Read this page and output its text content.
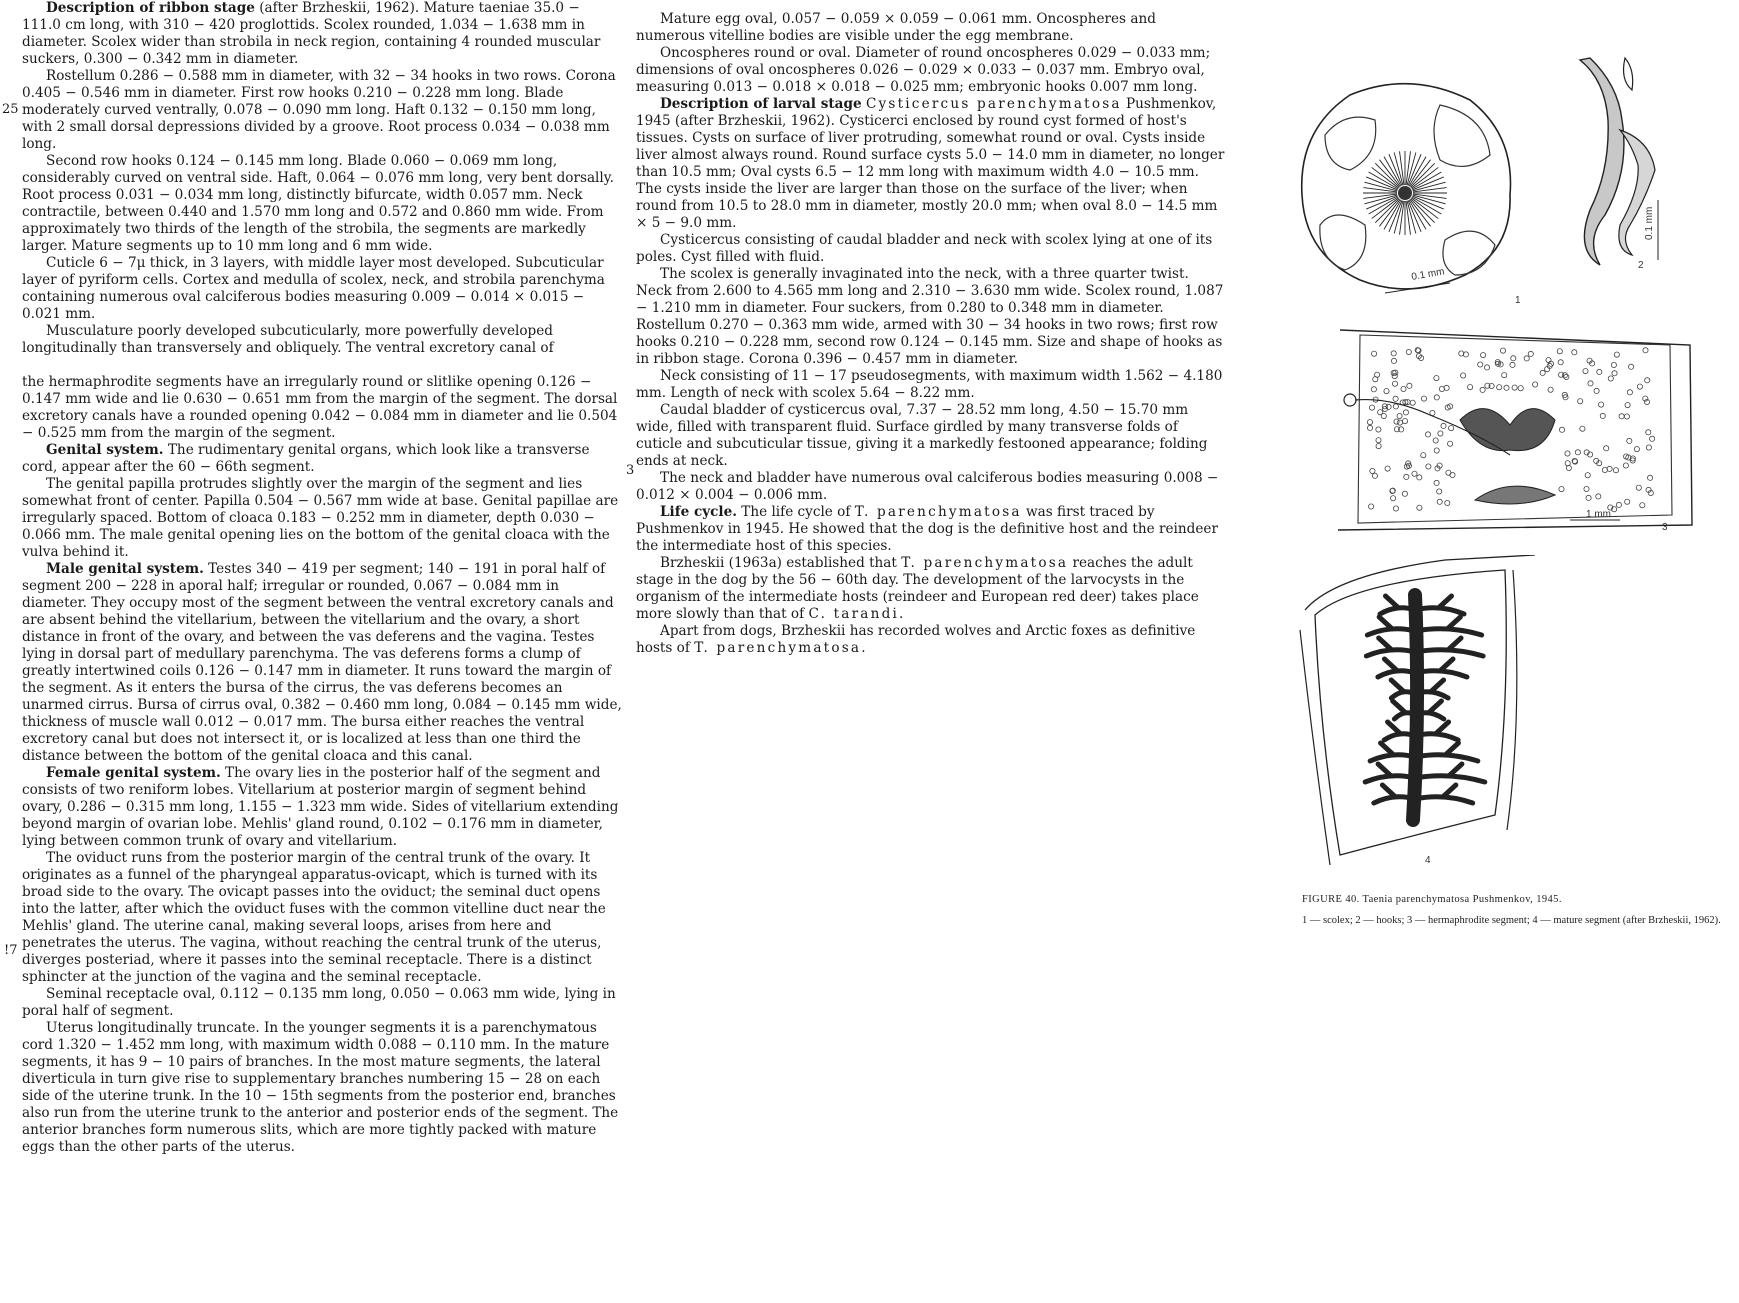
Description of ribbon stage (after Brzheskii, 1962). Mature taeniae 35.0 − 111.0 cm long, with 310 − 420 proglottids. Scolex rounded, 1.034 − 1.638 mm in diameter. Scolex wider than strobila in neck region, containing 4 rounded muscular suckers, 0.300 − 0.342 mm in diameter.

Rostellum 0.286 − 0.588 mm in diameter, with 32 − 34 hooks in two rows. Corona 0.405 − 0.546 mm in diameter. First row hooks 0.210 − 0.228 mm long. Blade moderately curved ventrally, 0.078 − 0.090 mm long. Haft 0.132 − 0.150 mm long, with 2 small dorsal depressions divided by a groove. Root process 0.034 − 0.038 mm long.

Second row hooks 0.124 − 0.145 mm long. Blade 0.060 − 0.069 mm long, considerably curved on ventral side. Haft, 0.064 − 0.076 mm long, very bent dorsally. Root process 0.031 − 0.034 mm long, distinctly bifurcate, width 0.057 mm. Neck contractile, between 0.440 and 1.570 mm long and 0.572 and 0.860 mm wide. From approximately two thirds of the length of the strobila, the segments are markedly larger. Mature segments up to 10 mm long and 6 mm wide.

Cuticle 6 − 7μ thick, in 3 layers, with middle layer most developed. Subcuticular layer of pyriform cells. Cortex and medulla of scolex, neck, and strobila parenchyma containing numerous oval calciferous bodies measuring 0.009 − 0.014 × 0.015 − 0.021 mm.

Musculature poorly developed subcuticularly, more powerfully developed longitudinally than transversely and obliquely. The ventral excretory canal of

the hermaphrodite segments have an irregularly round or slitlike opening 0.126 − 0.147 mm wide and lie 0.630 − 0.651 mm from the margin of the segment. The dorsal excretory canals have a rounded opening 0.042 − 0.084 mm in diameter and lie 0.504 − 0.525 mm from the margin of the segment.

Genital system. The rudimentary genital organs, which look like a transverse cord, appear after the 60 − 66th segment.

The genital papilla protrudes slightly over the margin of the segment and lies somewhat front of center. Papilla 0.504 − 0.567 mm wide at base. Genital papillae are irregularly spaced. Bottom of cloaca 0.183 − 0.252 mm in diameter, depth 0.030 − 0.066 mm. The male genital opening lies on the bottom of the genital cloaca with the vulva behind it.

Male genital system. Testes 340 − 419 per segment; 140 − 191 in poral half of segment 200 − 228 in aporal half; irregular or rounded, 0.067 − 0.084 mm in diameter. They occupy most of the segment between the ventral excretory canals and are absent behind the vitellarium, between the vitellarium and the ovary, a short distance in front of the ovary, and between the vas deferens and the vagina. Testes lying in dorsal part of medullary parenchyma. The vas deferens forms a clump of greatly intertwined coils 0.126 − 0.147 mm in diameter. It runs toward the margin of the segment. As it enters the bursa of the cirrus, the vas deferens becomes an unarmed cirrus. Bursa of cirrus oval, 0.382 − 0.460 mm long, 0.084 − 0.145 mm wide, thickness of muscle wall 0.012 − 0.017 mm. The bursa either reaches the ventral excretory canal but does not intersect it, or is localized at less than one third the distance between the bottom of the genital cloaca and this canal.

Female genital system. The ovary lies in the posterior half of the segment and consists of two reniform lobes. Vitellarium at posterior margin of segment behind ovary, 0.286 − 0.315 mm long, 1.155 − 1.323 mm wide. Sides of vitellarium extending beyond margin of ovarian lobe. Mehlis' gland round, 0.102 − 0.176 mm in diameter, lying between common trunk of ovary and vitellarium.

The oviduct runs from the posterior margin of the central trunk of the ovary. It originates as a funnel of the pharyngeal apparatus-ovicapt, which is turned with its broad side to the ovary. The ovicapt passes into the oviduct; the seminal duct opens into the latter, after which the oviduct fuses with the common vitelline duct near the Mehlis' gland. The uterine canal, making several loops, arises from here and penetrates the uterus. The vagina, without reaching the central trunk of the uterus, diverges posteriad, where it passes into the seminal receptacle. There is a distinct sphincter at the junction of the vagina and the seminal receptacle.

Seminal receptacle oval, 0.112 − 0.135 mm long, 0.050 − 0.063 mm wide, lying in poral half of segment.

Uterus longitudinally truncate. In the younger segments it is a parenchymatous cord 1.320 − 1.452 mm long, with maximum width 0.088 − 0.110 mm. In the mature segments, it has 9 − 10 pairs of branches. In the most mature segments, the lateral diverticula in turn give rise to supplementary branches numbering 15 − 28 on each side of the uterine trunk. In the 10 − 15th segments from the posterior end, branches also run from the uterine trunk to the anterior and posterior ends of the segment. The anterior branches form numerous slits, which are more tightly packed with mature eggs than the other parts of the uterus.

25
!7
3

Mature egg oval, 0.057 − 0.059 × 0.059 − 0.061 mm. Oncospheres and numerous vitelline bodies are visible under the egg membrane.

Oncospheres round or oval. Diameter of round oncospheres 0.029 − 0.033 mm; dimensions of oval oncospheres 0.026 − 0.029 × 0.033 − 0.037 mm. Embryo oval, measuring 0.013 − 0.018 × 0.018 − 0.025 mm; embryonic hooks 0.007 mm long.

Description of larval stage Cysticercus parenchymatosa Pushmenkov, 1945 (after Brzheskii, 1962). Cysticerci enclosed by round cyst formed of host's tissues. Cysts on surface of liver protruding, somewhat round or oval. Cysts inside liver almost always round. Round surface cysts 5.0 − 14.0 mm in diameter, no longer than 10.5 mm; Oval cysts 6.5 − 12 mm long with maximum width 4.0 − 10.5 mm. The cysts inside the liver are larger than those on the surface of the liver; when round from 10.5 to 28.0 mm in diameter, mostly 20.0 mm; when oval 8.0 − 14.5 mm × 5 − 9.0 mm.

Cysticercus consisting of caudal bladder and neck with scolex lying at one of its poles. Cyst filled with fluid.

The scolex is generally invaginated into the neck, with a three quarter twist. Neck from 2.600 to 4.565 mm long and 2.310 − 3.630 mm wide. Scolex round, 1.087 − 1.210 mm in diameter. Four suckers, from 0.280 to 0.348 mm in diameter. Rostellum 0.270 − 0.363 mm wide, armed with 30 − 34 hooks in two rows; first row hooks 0.210 − 0.228 mm, second row 0.124 − 0.145 mm. Size and shape of hooks as in ribbon stage. Corona 0.396 − 0.457 mm in diameter.

Neck consisting of 11 − 17 pseudosegments, with maximum width 1.562 − 4.180 mm. Length of neck with scolex 5.64 − 8.22 mm.

Caudal bladder of cysticercus oval, 7.37 − 28.52 mm long, 4.50 − 15.70 mm wide, filled with transparent fluid. Surface girdled by many transverse folds of cuticle and subcuticular tissue, giving it a markedly festooned appearance; folding ends at neck.

The neck and bladder have numerous oval calciferous bodies measuring 0.008 − 0.012 × 0.004 − 0.006 mm.

Life cycle. The life cycle of T. parenchymatosa was first traced by Pushmenkov in 1945. He showed that the dog is the definitive host and the reindeer the intermediate host of this species.

Brzheskii (1963a) established that T. parenchymatosa reaches the adult stage in the dog by the 56 − 60th day. The development of the larvocysts in the organism of the intermediate hosts (reindeer and European red deer) takes place more slowly than that of C. tarandi.

Apart from dogs, Brzheskii has recorded wolves and Arctic foxes as definitive hosts of T. parenchymatosa.

0.1 mm
1
0.1 mm
2
1 mm
3
4
FIGURE 40. Taenia parenchymatosa Pushmenkov, 1945.
1 — scolex; 2 — hooks; 3 — hermaphrodite segment; 4 — mature segment (after Brzheskii, 1962).
